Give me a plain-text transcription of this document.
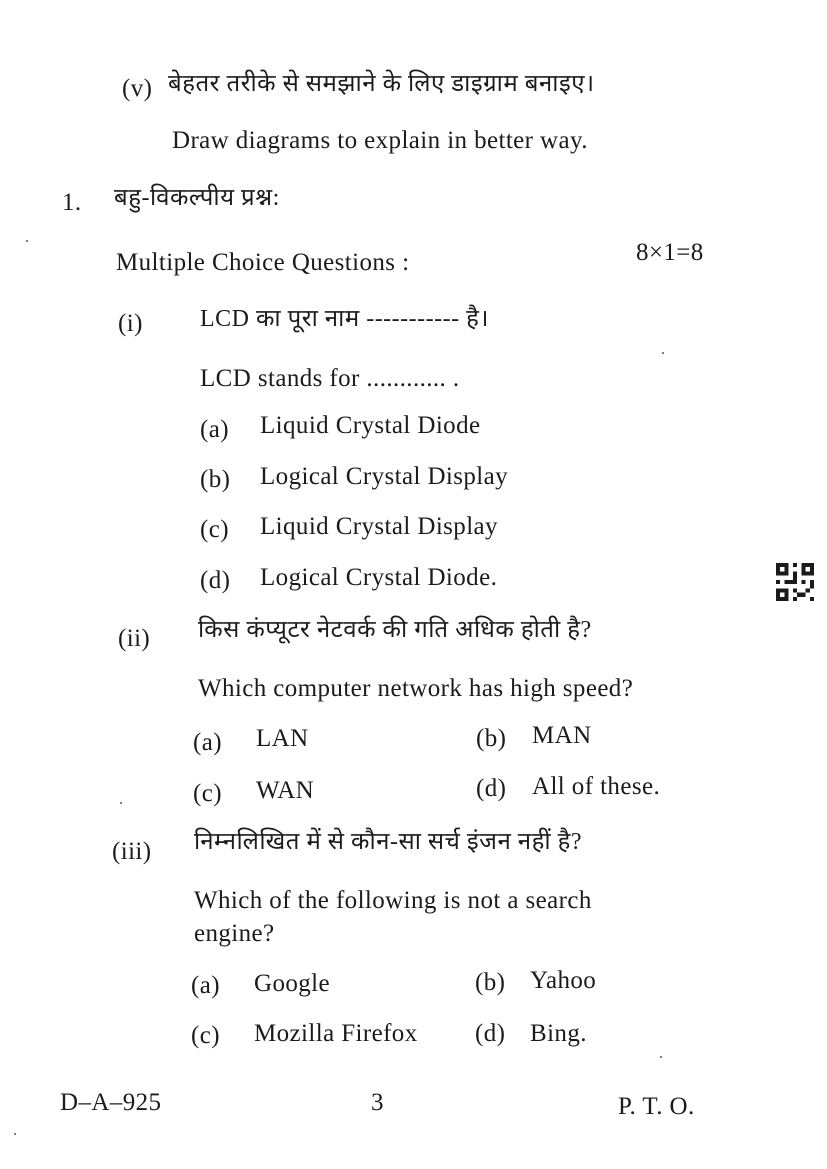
(v) बेहतर तरीके से समझाने के लिए डाइग्राम बनाइए।
Draw diagrams to explain in better way.
1. बहु-विकल्पीय प्रश्न:
Multiple Choice Questions :	8×1=8
(i) LCD का पूरा नाम ----------- है।
LCD stands for ............ .
(a) Liquid Crystal Diode
(b) Logical Crystal Display
(c) Liquid Crystal Display
(d) Logical Crystal Diode.
(ii) किस कंप्यूटर नेटवर्क की गति अधिक होती है?
Which computer network has high speed?
(a) LAN	(b) MAN
(c) WAN	(d) All of these.
(iii) निम्नलिखित में से कौन-सा सर्च इंजन नहीं है?
Which of the following is not a search
engine?
(a) Google	(b) Yahoo
(c) Mozilla Firefox (d) Bing.
D–A–925	3	P. T. O.
